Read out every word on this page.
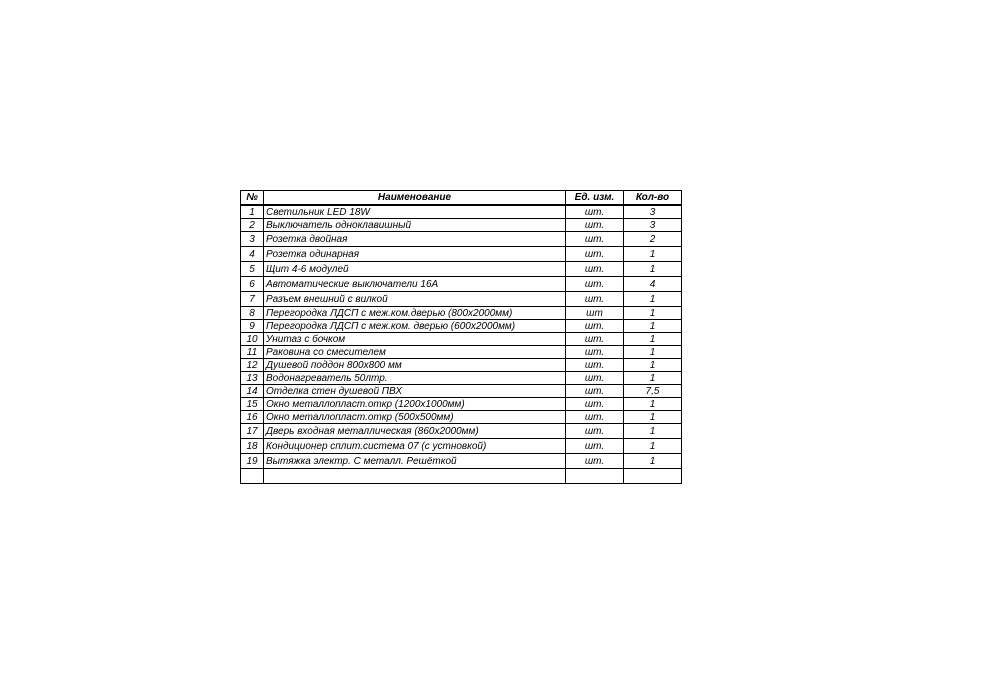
№	Наименование	Ед. изм.	Кол-во
1	Светильник LED 18W	шт.	3
2	Выключатель одноклавишный	шт.	3
3	Розетка двойная	шт.	2
4	Розетка одинарная	шт.	1
5	Щит 4-6 модулей	шт.	1
6	Автоматические выключатели 16А	шт.	4
7	Разъем внешний с вилкой	шт.	1
8	Перегородка ЛДСП с меж.ком.дверью (800х2000мм)	шт	1
9	Перегородка ЛДСП с меж.ком. дверью (600х2000мм)	шт.	1
10	Унитаз с бочком	шт.	1
11	Раковина со смесителем	шт.	1
12	Душевой поддон 800х800 мм	шт.	1
13	Водонагреватель 50лтр.	шт.	1
14	Отделка стен душевой ПВХ	шт.	7,5
15	Окно металлопласт.откр (1200х1000мм)	шт.	1
16	Окно металлопласт.откр (500х500мм)	шт.	1
17	Дверь входная металлическая (860х2000мм)	шт.	1
18	Кондиционер сплит.система 07 (с устновкой)	шт.	1
19	Вытяжка электр. С металл. Решёткой	шт.	1
